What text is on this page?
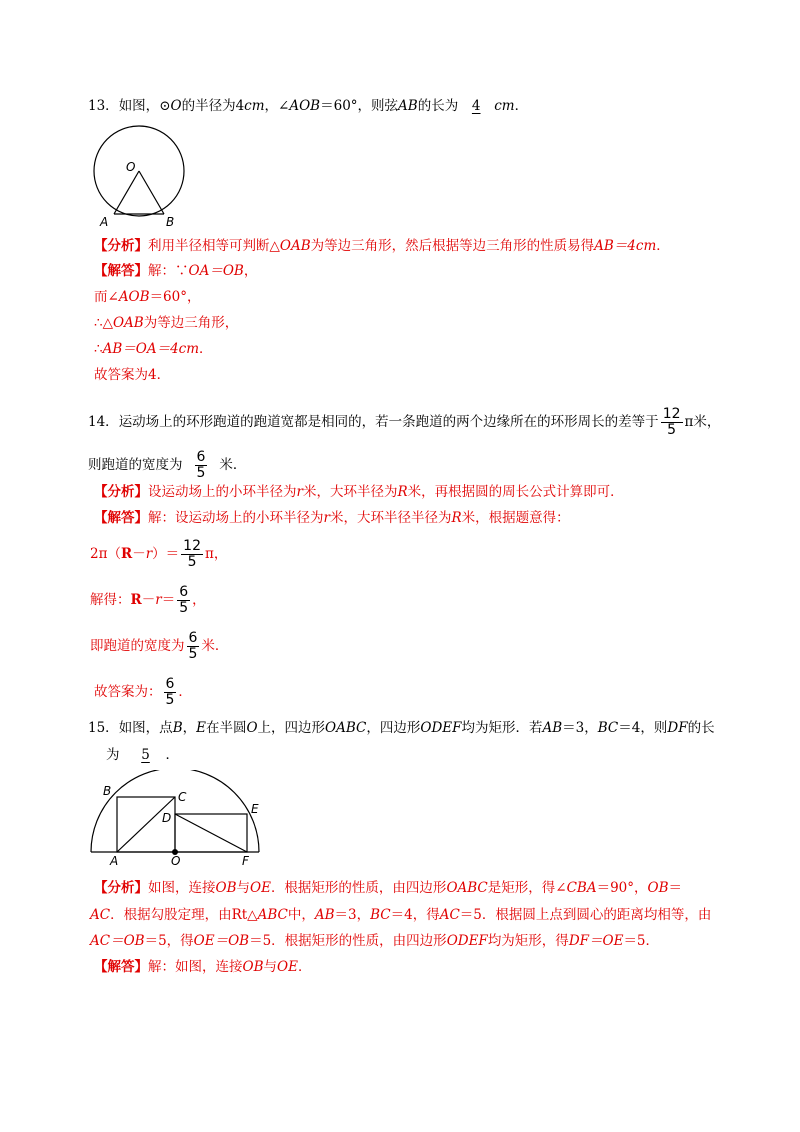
13．如图，⊙O的半径为4cm，∠AOB＝60°，则弦AB的长为 4 cm．
O
A	B
【分析】利用半径相等可判断△OAB为等边三角形，然后根据等边三角形的性质易得AB＝4cm．
【解答】解：∵OA＝OB，
而∠AOB＝60°，
∴△OAB为等边三角形，
∴AB＝OA＝4cm．
故答案为4．
14． 运动场上的环形跑道的跑道宽都是相同的，若一条跑道的两个边缘所在的环形周长的差等于 $\frac{12}{5}$ π米，
则跑道的宽度为 $\frac{6}{5}$ 米．
【分析】设运动场上的小环半径为r米，大环半径为R米，再根据圆的周长公式计算即可．
【解答】解：设运动场上的小环半径为r米，大环半径半径为R米，根据题意得：
2π（ R － r ）＝ $\frac{12}{5}$ π，
解得： $R - r = \frac{6}{5}$ ，
即跑道的宽度为 $\frac{6}{5}$ 米．
故答案为： $\frac{6}{5}$ ．
15．如图，点B，E在半圆O上，四边形OABC，四边形ODEF均为矩形．若AB＝3，BC＝4，则DF的长
为 5 ．
B	C
D
E
A	O	F
【分析】如图，连接OB与OE．根据矩形的性质，由四边形OABC是矩形，得∠CBA＝90°，OB＝
AC．根据勾股定理，由Rt△ABC中，AB＝3，BC＝4，得AC＝5．根据圆上点到圆心的距离均相等，由
AC＝OB＝5，得OE＝OB＝5．根据矩形的性质，由四边形ODEF均为矩形，得DF＝OE＝5．
【解答】解：如图，连接OB与OE．
